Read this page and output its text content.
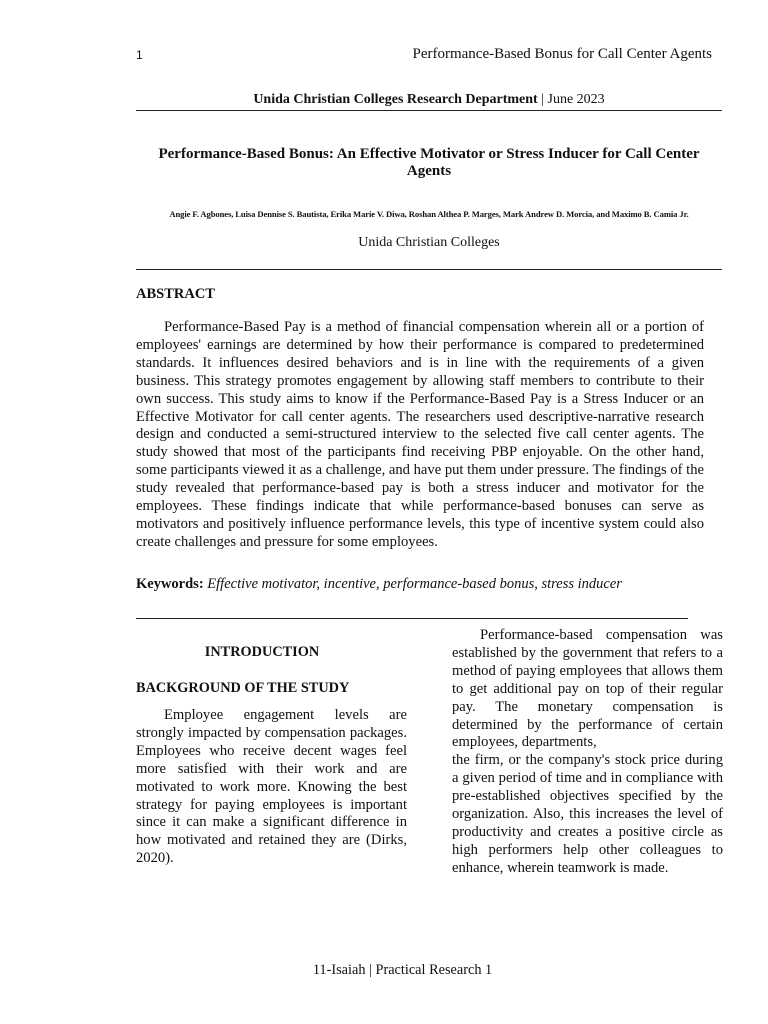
1	Performance-Based Bonus for Call Center Agents
Unida Christian Colleges Research Department | June 2023
Performance-Based Bonus: An Effective Motivator or Stress Inducer for Call Center Agents
Angie F. Agbones, Luisa Dennise S. Bautista, Erika Marie V. Diwa, Roshan Althea P. Marges, Mark Andrew D. Morcia, and Maximo B. Camia Jr.
Unida Christian Colleges
ABSTRACT
Performance-Based Pay is a method of financial compensation wherein all or a portion of employees' earnings are determined by how their performance is compared to predetermined standards. It influences desired behaviors and is in line with the requirements of a given business. This strategy promotes engagement by allowing staff members to contribute to their own success. This study aims to know if the Performance-Based Pay is a Stress Inducer or an Effective Motivator for call center agents. The researchers used descriptive-narrative research design and conducted a semi-structured interview to the selected five call center agents. The study showed that most of the participants find receiving PBP enjoyable. On the other hand, some participants viewed it as a challenge, and have put them under pressure. The findings of the study revealed that performance-based pay is both a stress inducer and motivator for the employees. These findings indicate that while performance-based bonuses can serve as motivators and positively influence performance levels, this type of incentive system could also create challenges and pressure for some employees.
Keywords: Effective motivator, incentive, performance-based bonus, stress inducer
INTRODUCTION
BACKGROUND OF THE STUDY
Employee engagement levels are strongly impacted by compensation packages. Employees who receive decent wages feel more satisfied with their work and are motivated to work more. Knowing the best strategy for paying employees is important since it can make a significant difference in how motivated and retained they are (Dirks, 2020).

Performance-based compensation was established by the government that refers to a method of paying employees that allows them to get additional pay on top of their regular pay. The monetary compensation is determined by the performance of certain employees, departments,

the firm, or the company's stock price during a given period of time and in compliance with pre-established objectives specified by the organization. Also, this increases the level of productivity and creates a positive circle as high performers help other colleagues to enhance, wherein teamwork is made.

11-Isaiah | Practical Research 1
